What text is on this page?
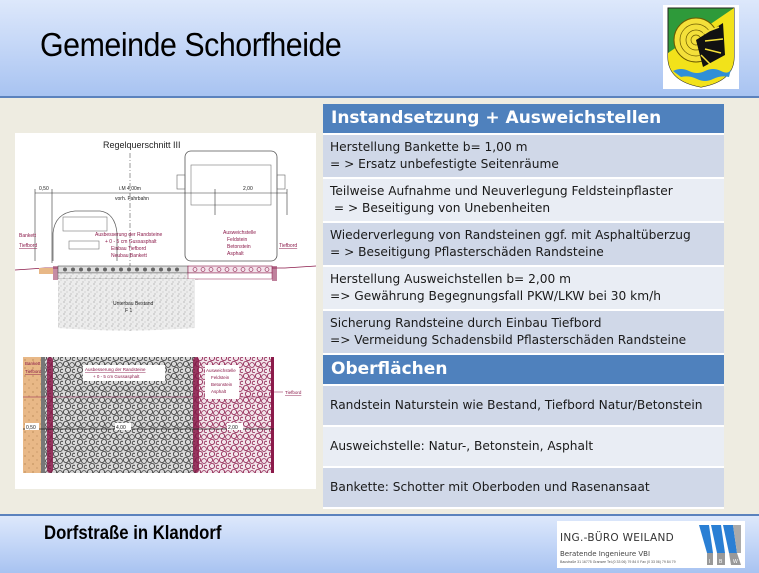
Gemeinde Schorfheide
Regelquerschnitt III
0,50	i.M 4,00m
vorh. Fahrbahn
2,00
Bankett
Tiefbord
Ausbesserung der Randsteine
+ 0 - 5 cm Gussasphalt
Einbau Tiefbord
Neubau Bankett
Ausweichstelle
Feldstein
Betonstein
Asphalt
Tiefbord
Unterbau Bestand
F 1
0,50	4,00	2,00
Ausbesserung der Randsteine
+ 0 - 5 cm Gussasphalt
Ausweichstelle
Feldstein
Betonstein
Asphalt
Bankett
Tiefbord
Tiefbord
Instandsetzung + Ausweichstellen
Herstellung Bankette b= 1,00 m
= > Ersatz unbefestigte Seitenräume
Teilweise Aufnahme und Neuverlegung Feldsteinpflaster
= > Beseitigung von Unebenheiten
Wiederverlegung von Randsteinen ggf. mit Asphaltüberzug
= > Beseitigung Pflasterschäden Randsteine
Herstellung Ausweichstellen b= 2,00 m
=> Gewährung Begegnungsfall PKW/LKW bei 30 km/h
Sicherung Randsteine durch Einbau Tiefbord
=> Vermeidung Schadensbild Pflasterschäden Randsteine
Oberflächen
Randstein Naturstein wie Bestand, Tiefbord Natur/Betonstein
Ausweichstelle: Natur-, Betonstein, Asphalt
Bankette: Schotter mit Oberboden und Rasenansaat
Dorfstraße in Klandorf	ING.-BÜRO WEILAND
Beratende Ingenieure VBI
Baustraße 31 16775 Gransee Tel.(0 33 06) 79 84 0 Fax (0 33 06) 79 84 79	I B W
